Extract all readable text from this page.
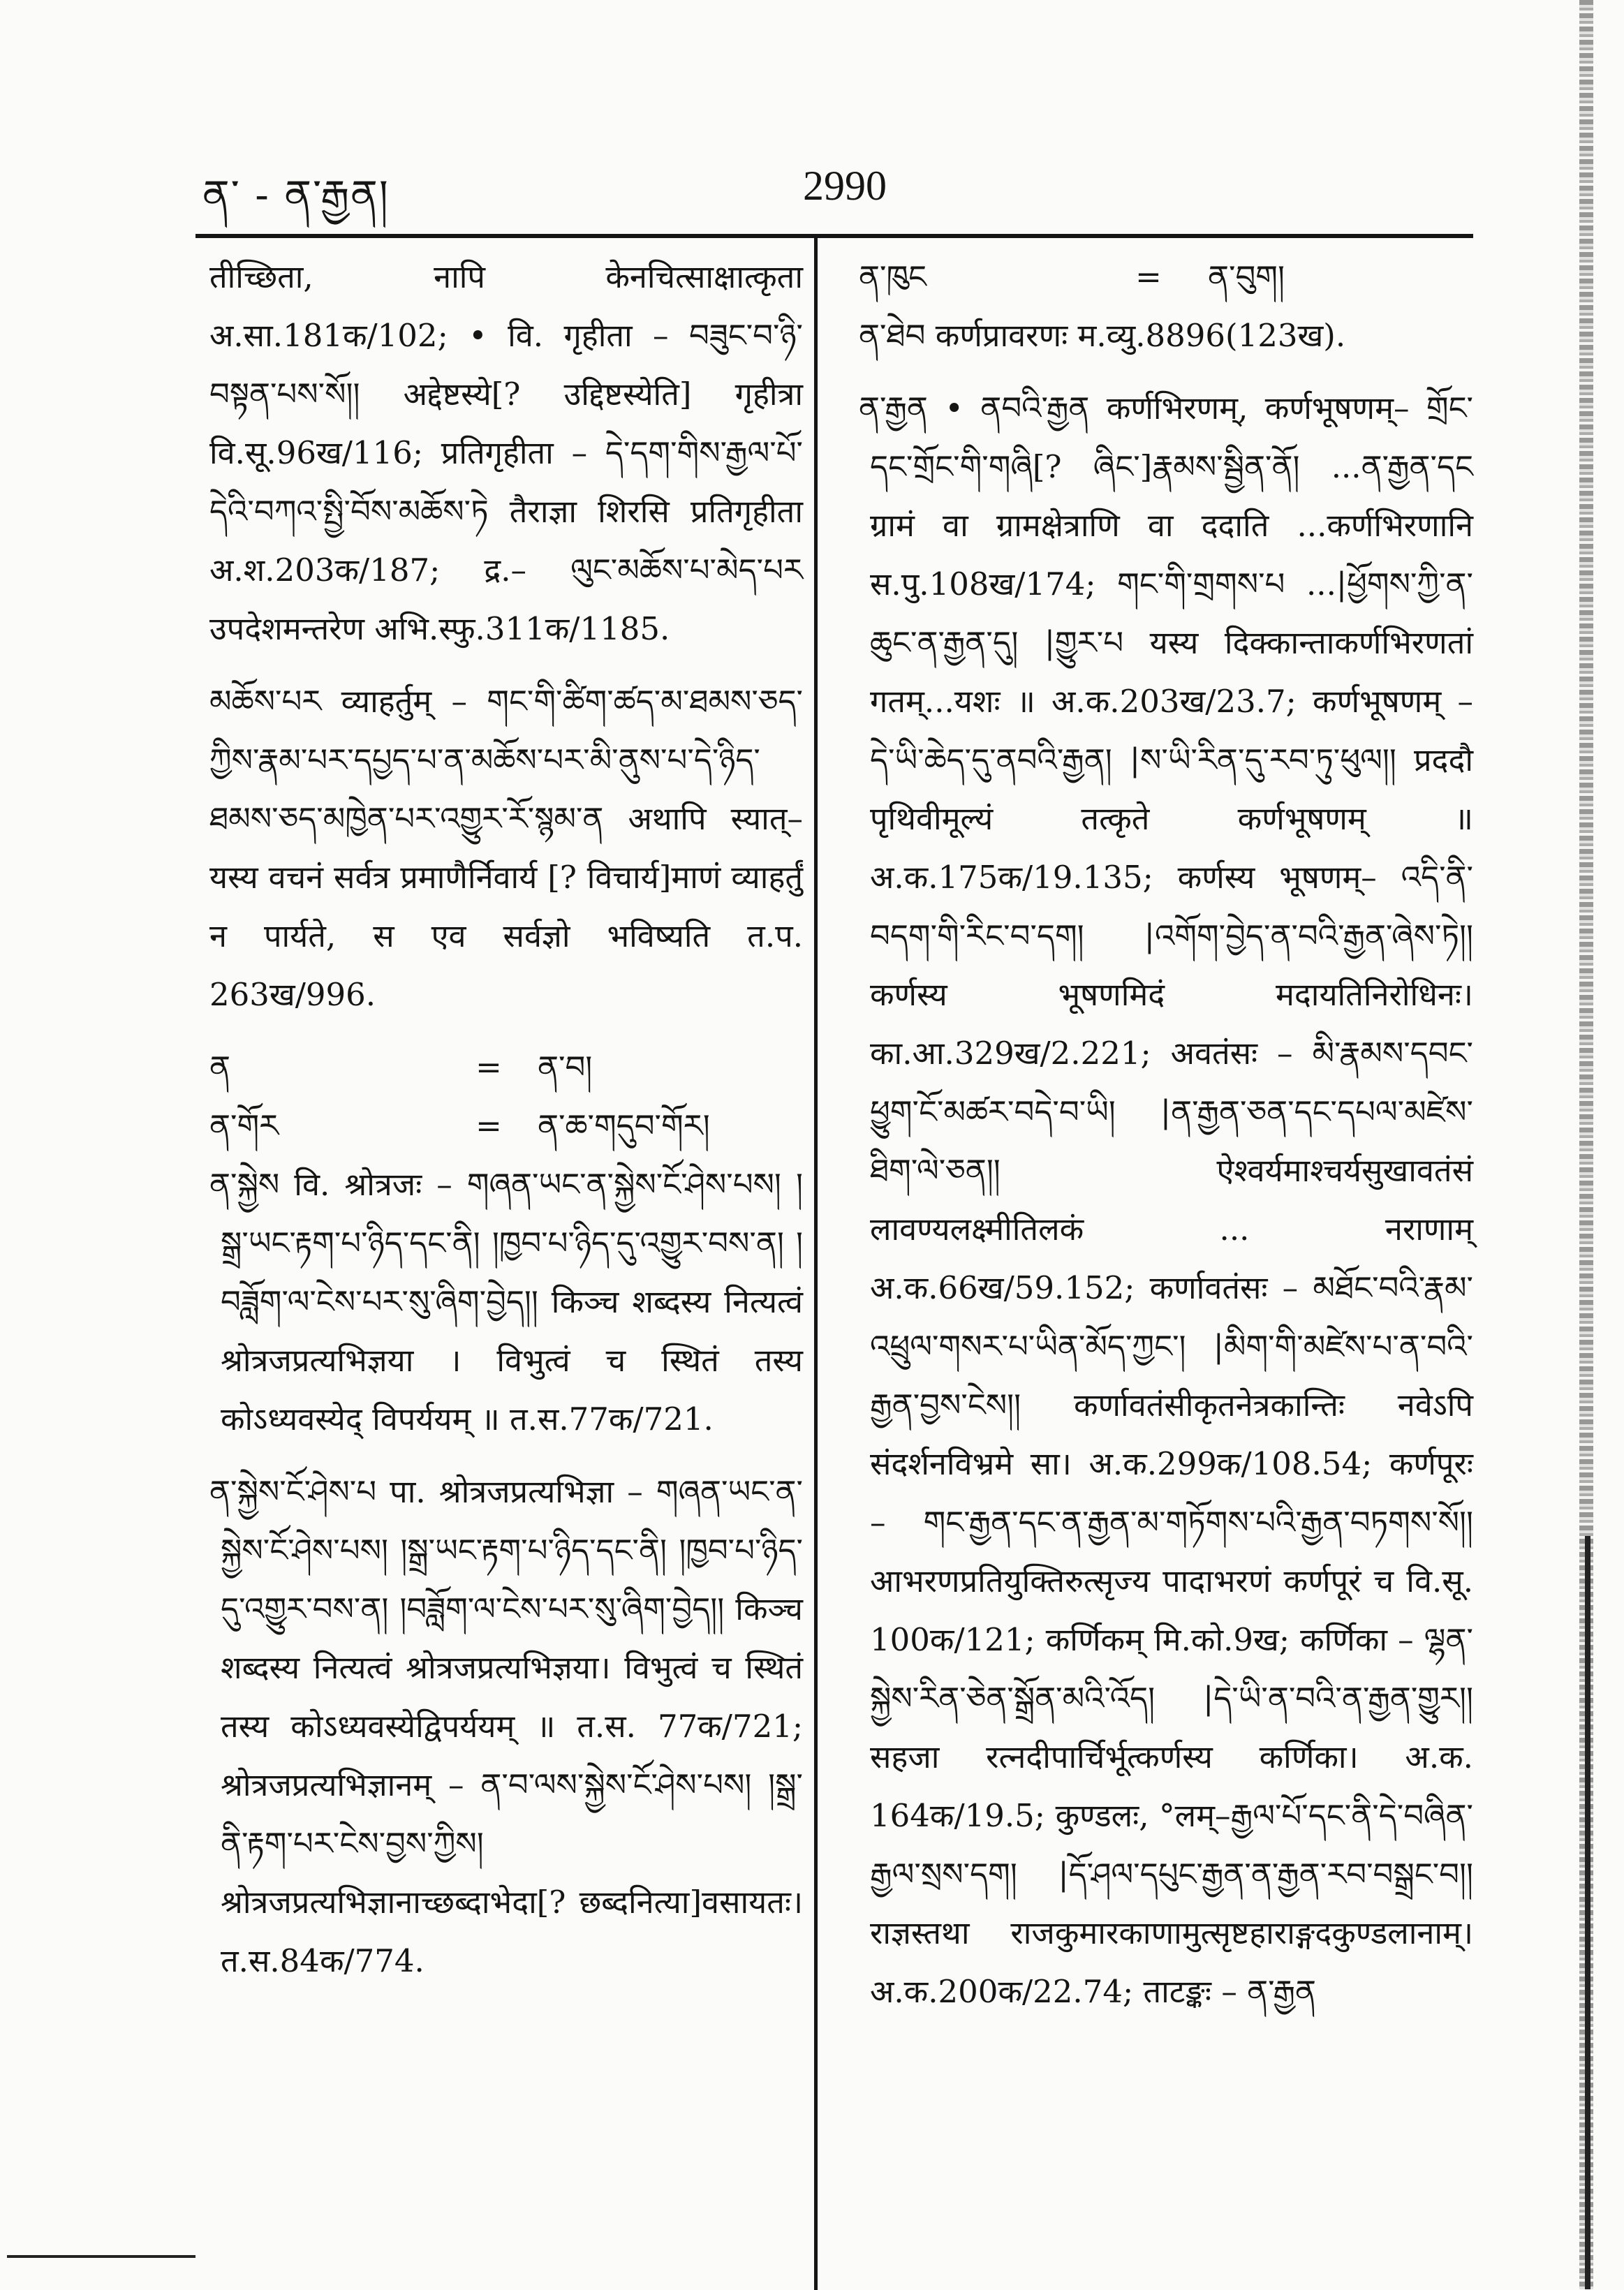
ན་ - ན་རྒྱན།	2990

तीच्छिता, नापि केनचित्साक्षात्कृता अ.सा.181क/102; • वि. गृहीता – བཟུང་བ་ཉི་བསྟན་པས་སོ།། अद्देष्टस्ये[? उद्दिष्टस्येति] गृहीत्रा वि.सू.96ख/116; प्रतिगृहीता – དེ་དག་གིས་རྒྱལ་པོ་དེའི་བཀའ་སྤྱི་བོས་མཆོས་ཏེ तैराज्ञा शिरसि प्रतिगृहीता अ.श.203क/187; द्र.– ལུང་མཆོས་པ་མེད་པར उपदेशमन्तरेण अभि.स्फु.311क/1185.

མཆོས་པར व्याहर्तुम् – གང་གི་ཚིག་ཚད་མ་ཐམས་ཅད་ཀྱིས་རྣམ་པར་དཔྱད་པ་ན་མཆོས་པར་མི་ནུས་པ་དེ་ཉིད་ཐམས་ཅད་མཁྱེན་པར་འགྱུར་རོ་སྙམ་ན अथापि स्यात्– यस्य वचनं सर्वत्र प्रमाणैर्निवार्य [? विचार्य]माणं व्याहर्तुं न पार्यते, स एव सर्वज्ञो भविष्यति त.प. 263ख/996.

ན	=	ན་བ།
ན་གོར	=	ན་ཆ་གདུབ་གོར།

ན་སྐྱེས वि. श्रोत्रजः – གཞན་ཡང་ན་སྐྱེས་ངོ་ཤེས་པས། །སྒྲ་ཡང་རྟག་པ་ཉིད་དང་ནི། །ཁྱབ་པ་ཉིད་དུ་འགྱུར་བས་ན། །བཟློག་ལ་ངེས་པར་སུ་ཞིག་བྱེད།། किञ्च शब्दस्य नित्यत्वं श्रोत्रजप्रत्यभिज्ञया । विभुत्वं च स्थितं तस्य कोऽध्यवस्येद् विपर्ययम् ॥ त.स.77क/721.

ན་སྐྱེས་ངོ་ཤེས་པ पा. श्रोत्रजप्रत्यभिज्ञा – གཞན་ཡང་ན་སྐྱེས་ངོ་ཤེས་པས། །སྒྲ་ཡང་རྟག་པ་ཉིད་དང་ནི། །ཁྱབ་པ་ཉིད་དུ་འགྱུར་བས་ན། །བཟློག་ལ་ངེས་པར་སུ་ཞིག་བྱེད།། किञ्च शब्दस्य नित्यत्वं श्रोत्रजप्रत्यभिज्ञया। विभुत्वं च स्थितं तस्य कोऽध्यवस्येद्विपर्ययम् ॥ त.स. 77क/721; श्रोत्रजप्रत्यभिज्ञानम् – ན་བ་ལས་སྐྱེས་ངོ་ཤེས་པས། །སྒྲ་ནི་རྟག་པར་ངེས་བྱས་ཀྱིས། श्रोत्रजप्रत्यभिज्ञानाच्छब्दाभेदा[? छब्दनित्या]वसायतः। त.स.84क/774.

ན་ཁུང	=	ན་བུག།

ན་ཐེབ कर्णप्रावरणः म.व्यु.8896(123ख).

ན་རྒྱན • ནབའི་རྒྱན कर्णभिरणम्, कर्णभूषणम्– གྲོང་དང་གྲོང་གི་གཞི[? ཞིང་]རྣམས་སྦྱིན་ནོ། ...ན་རྒྱན་དང ग्रामं वा ग्रामक्षेत्राणि वा ददाति ...कर्णभिरणानि स.पु.108ख/174; གང་གི་གྲགས་པ ...|ཕྱོགས་ཀྱི་ན་ཆུང་ན་རྒྱན་དུ། |གྱུར་པ यस्य दिक्कान्ताकर्णभिरणतां गतम्...यशः ॥ अ.क.203ख/23.7; कर्णभूषणम् – དེ་ཡི་ཆེད་དུ་ནབའི་རྒྱན། |ས་ཡི་རིན་དུ་རབ་ཏུ་ཕུལ།། प्रददौ पृथिवीमूल्यं तत्कृते कर्णभूषणम् ॥ अ.क.175क/19.135; कर्णस्य भूषणम्– འདི་ནི་བདག་གི་རིང་བ་དག། |འགོག་བྱེད་ན་བའི་རྒྱན་ཞེས་ཏེ།། कर्णस्य भूषणमिदं मदायतिनिरोधिनः। का.आ.329ख/2.221; अवतंसः – མི་རྣམས་དབང་ཕྱུག་ངོ་མཚར་བདེ་བ་ཡི། |ན་རྒྱན་ཅན་དང་དཔལ་མཛེས་ཐིག་ལེ་ཅན།། ऐश्वर्यमाश्चर्यसुखावतंसं लावण्यलक्ष्मीतिलकं ... नराणाम् अ.क.66ख/59.152; कर्णावतंसः – མཐོང་བའི་རྣམ་འཕྲུལ་གསར་པ་ཡིན་མོད་ཀྱང་། |མིག་གི་མཛེས་པ་ན་བའི་རྒྱན་བྱས་ངེས།། कर्णावतंसीकृतनेत्रकान्तिः नवेऽपि संदर्शनविभ्रमे सा। अ.क.299क/108.54; कर्णपूरः – གང་རྒྱན་དང་ན་རྒྱན་མ་གཏོགས་པའི་རྒྱན་བཏགས་སོ།། आभरणप्रतियुक्तिरुत्सृज्य पादाभरणं कर्णपूरं च वि.सू. 100क/121; कर्णिकम् मि.को.9ख; कर्णिका – ལྷན་སྐྱེས་རིན་ཅེན་སྒྲོན་མའི་འོད། |དེ་ཡི་ན་བའི་ན་རྒྱན་གྱུར།། सहजा रत्नदीपार्चिर्भूत्कर्णस्य कर्णिका। अ.क. 164क/19.5; कुण्डलः, °लम्–རྒྱལ་པོ་དང་ནི་དེ་བཞིན་རྒྱལ་སྲས་དག། |དོ་ཤལ་དཔུང་རྒྱན་ན་རྒྱན་རབ་བསྒྲང་བ།། राज्ञस्तथा राजकुमारकाणामुत्सृष्टहाराङ्गदकुण्डलानाम्। अ.क.200क/22.74; ताटङ्कः – ན་རྒྱན
